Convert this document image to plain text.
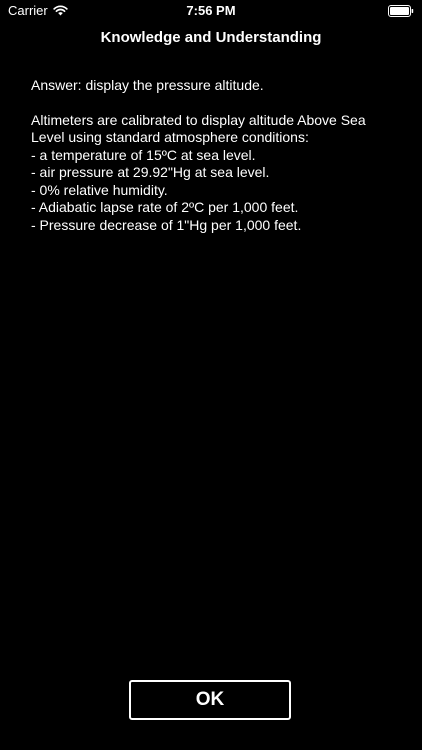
Carrier	7:56 PM
Knowledge and Understanding

Answer: display the pressure altitude.

Altimeters are calibrated to display altitude Above Sea Level using standard atmosphere conditions:

- a temperature of 15ºC at sea level.
- air pressure at 29.92"Hg at sea level.
- 0% relative humidity.
- Adiabatic lapse rate of 2ºC per 1,000 feet.
- Pressure decrease of 1"Hg per 1,000 feet.
OK
